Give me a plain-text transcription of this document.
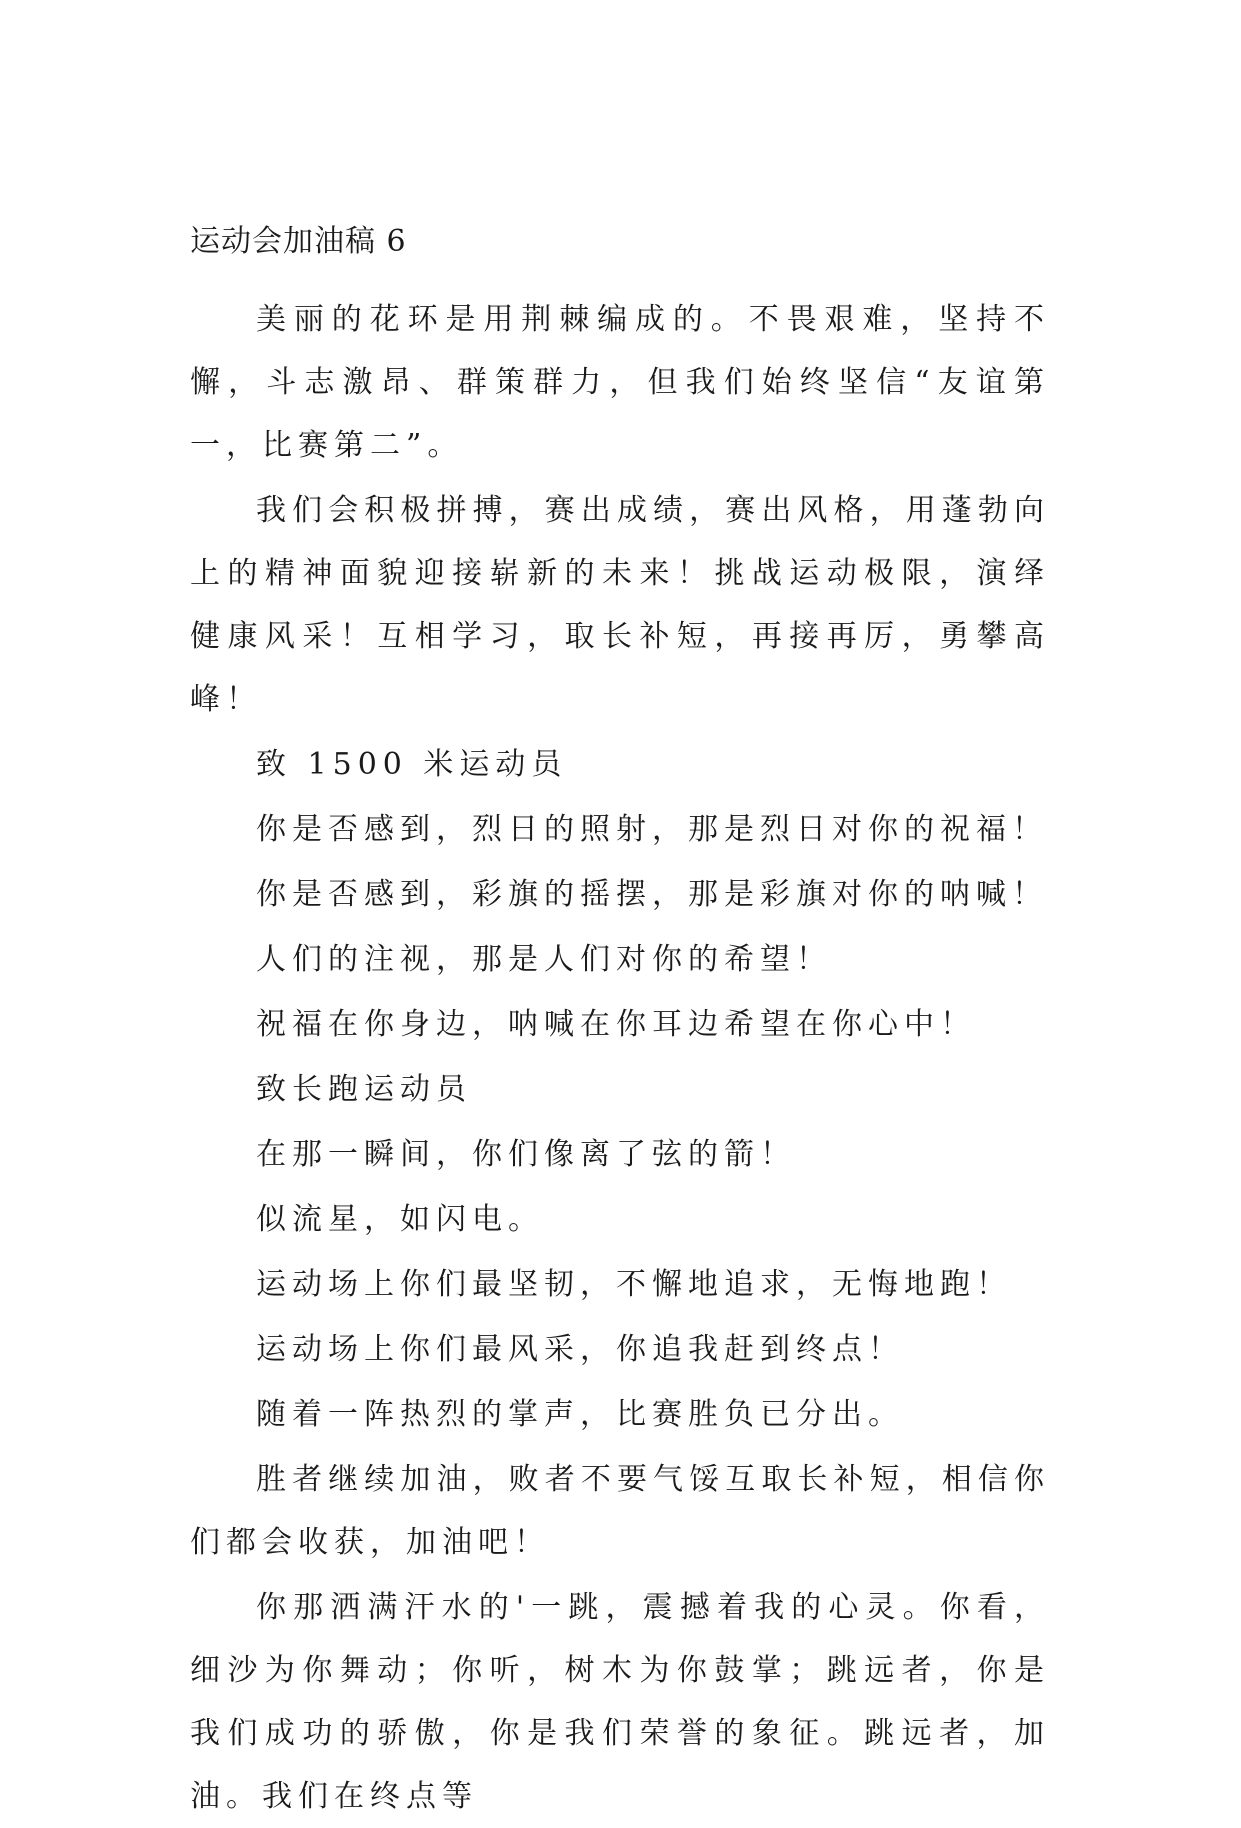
运动会加油稿 6

美丽的花环是用荆棘编成的。不畏艰难，坚持不懈，斗志激昂、群策群力，但我们始终坚信“友谊第一，比赛第二”。

我们会积极拼搏，赛出成绩，赛出风格，用蓬勃向上的精神面貌迎接崭新的未来！挑战运动极限，演绎健康风采！互相学习，取长补短，再接再厉，勇攀高峰！

致 1500 米运动员

你是否感到，烈日的照射，那是烈日对你的祝福！

你是否感到，彩旗的摇摆，那是彩旗对你的呐喊！

人们的注视，那是人们对你的希望！

祝福在你身边，呐喊在你耳边希望在你心中！

致长跑运动员

在那一瞬间，你们像离了弦的箭！

似流星，如闪电。

运动场上你们最坚韧，不懈地追求，无悔地跑！

运动场上你们最风采，你追我赶到终点！

随着一阵热烈的掌声，比赛胜负已分出。

胜者继续加油，败者不要气馁互取长补短，相信你们都会收获，加油吧！

你那洒满汗水的'一跳，震撼着我的心灵。你看，细沙为你舞动；你听，树木为你鼓掌；跳远者，你是我们成功的骄傲，你是我们荣誉的象征。跳远者，加油。我们在终点等
